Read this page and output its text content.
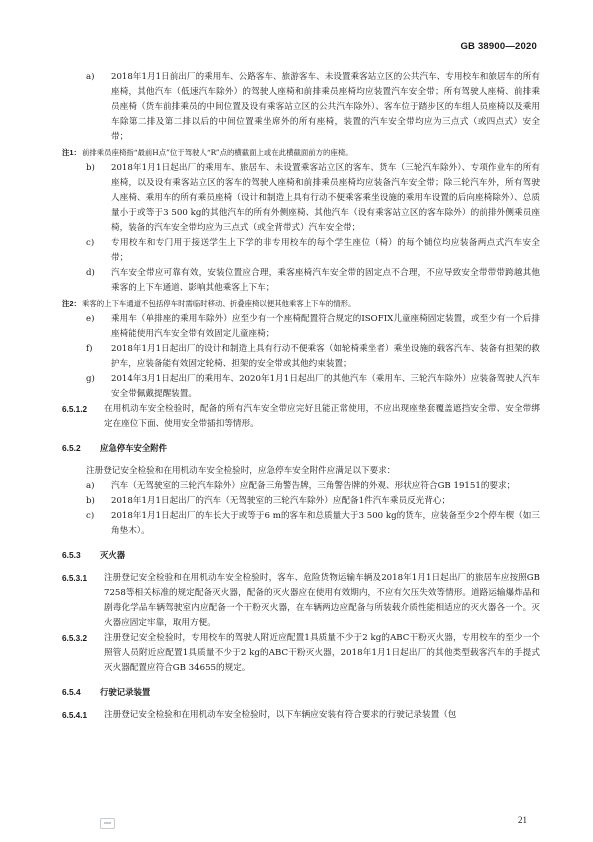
GB 38900—2020
a) 2018年1月1日前出厂的乘用车、公路客车、旅游客车、未设置乘客站立区的公共汽车、专用校车和旅居车的所有座椅，其他汽车（低速汽车除外）的驾驶人座椅和前排乘员座椅均应装置汽车安全带；所有驾驶人座椅、前排乘员座椅（货车前排乘员的中间位置及设有乘客站立区的公共汽车除外）、客车位于踏步区的车组人员座椅以及乘用车除第二排及第二排以后的中间位置乘坐席外的所有座椅，装置的汽车安全带均应为三点式（或四点式）安全带；
注1： 前排乘员座椅指“最前H点”位于驾驶人“R”点的横截面上或在此横截面前方的座椅。
b) 2018年1月1日起出厂的乘用车、旅居车、未设置乘客站立区的客车、货车（三轮汽车除外）、专项作业车的所有座椅，以及设有乘客站立区的客车的驾驶人座椅和前排乘员座椅均应装备汽车安全带；除三轮汽车外，所有驾驶人座椅、乘用车的所有乘员座椅（设计和制造上具有行动不便乘客乘坐设施的乘用车设置的后向座椅除外）、总质量小于或等于3 500 kg的其他汽车的所有外侧座椅、其他汽车（设有乘客站立区的客车除外）的前排外侧乘员座椅，装备的汽车安全带均应为三点式（或全背带式）汽车安全带；
c) 专用校车和专门用于接送学生上下学的非专用校车的每个学生座位（椅）的每个铺位均应装备两点式汽车安全带；
d) 汽车安全带应可靠有效，安装位置应合理，乘客座椅汽车安全带的固定点不合理，不应导致安全带带带跨越其他乘客的上下车通道、影响其他乘客上下车；
注2： 乘客的上下车通道不包括停车时需临时移动、折叠座椅以便其他乘客上下车的情形。
e) 乘用车（单排座的乘用车除外）应至少有一个座椅配置符合规定的ISOFIX儿童座椅固定装置，或至少有一个后排座椅能使用汽车安全带有效固定儿童座椅；
f) 2018年1月1日起出厂的设计和制造上具有行动不便乘客（如轮椅乘坐者）乘坐设施的载客汽车、装备有担架的救护车，应装备能有效固定轮椅、担架的安全带或其他约束装置；
g) 2014年3月1日起出厂的乘用车、2020年1月1日起出厂的其他汽车（乘用车、三轮汽车除外）应装备驾驶人汽车安全带佩戴提醒装置。
6.5.1.2 在用机动车安全检验时，配备的所有汽车安全带应完好且能正常使用，不应出现座垫套覆盖遮挡安全带、安全带绑定在座位下面、使用安全带插扣等情形。
6.5.2 应急停车安全附件
注册登记安全检验和在用机动车安全检验时，应急停车安全附件应满足以下要求：
a) 汽车（无驾驶室的三轮汽车除外）应配备三角警告牌，三角警告牌的外观、形状应符合GB 19151的要求；
b) 2018年1月1日起出厂的汽车（无驾驶室的三轮汽车除外）应配备1件汽车乘员反光背心；
c) 2018年1月1日起出厂的车长大于或等于6 m的客车和总质量大于3 500 kg的货车，应装备至少2个停车楔（如三角垫木）。
6.5.3 灭火器
6.5.3.1 注册登记安全检验和在用机动车安全检验时，客车、危险货物运输车辆及2018年1月1日起出厂的旅居车应按照GB 7258等相关标准的规定配备灭火器，配备的灭火器应在使用有效期内，不应有欠压失效等情形。道路运输爆炸品和剧毒化学品车辆驾驶室内应配备一个干粉灭火器，在车辆两边应配备与所装载介质性能相适应的灭火器各一个。灭火器应固定牢靠，取用方便。
6.5.3.2 注册登记安全检验时，专用校车的驾驶人附近应配置1具质量不少于2 kg的ABC干粉灭火器，专用校车的至少一个照管人员附近应配置1具质量不少于2 kg的ABC干粉灭火器，2018年1月1日起出厂的其他类型载客汽车的手提式灭火器配置应符合GB 34655的规定。
6.5.4 行驶记录装置
6.5.4.1 注册登记安全检验和在用机动车安全检验时，以下车辆应安装有符合要求的行驶记录装置（包
21
